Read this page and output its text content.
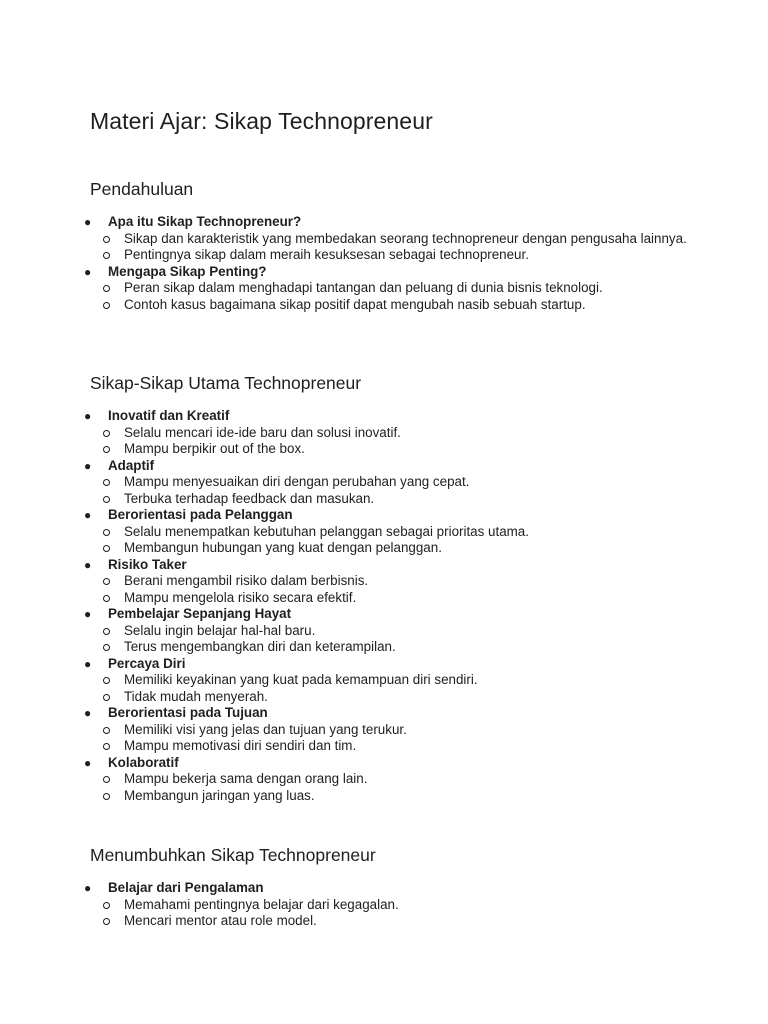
Materi Ajar: Sikap Technopreneur
Pendahuluan
● Apa itu Sikap Technopreneur?
Sikap dan karakteristik yang membedakan seorang technopreneur dengan pengusaha lainnya.
Pentingnya sikap dalam meraih kesuksesan sebagai technopreneur.
● Mengapa Sikap Penting?
Peran sikap dalam menghadapi tantangan dan peluang di dunia bisnis teknologi.
Contoh kasus bagaimana sikap positif dapat mengubah nasib sebuah startup.
Sikap-Sikap Utama Technopreneur
● Inovatif dan Kreatif
Selalu mencari ide-ide baru dan solusi inovatif.
Mampu berpikir out of the box.
● Adaptif
Mampu menyesuaikan diri dengan perubahan yang cepat.
Terbuka terhadap feedback dan masukan.
● Berorientasi pada Pelanggan
Selalu menempatkan kebutuhan pelanggan sebagai prioritas utama.
Membangun hubungan yang kuat dengan pelanggan.
● Risiko Taker
Berani mengambil risiko dalam berbisnis.
Mampu mengelola risiko secara efektif.
● Pembelajar Sepanjang Hayat
Selalu ingin belajar hal-hal baru.
Terus mengembangkan diri dan keterampilan.
● Percaya Diri
Memiliki keyakinan yang kuat pada kemampuan diri sendiri.
Tidak mudah menyerah.
● Berorientasi pada Tujuan
Memiliki visi yang jelas dan tujuan yang terukur.
Mampu memotivasi diri sendiri dan tim.
● Kolaboratif
Mampu bekerja sama dengan orang lain.
Membangun jaringan yang luas.
Menumbuhkan Sikap Technopreneur
● Belajar dari Pengalaman
Memahami pentingnya belajar dari kegagalan.
Mencari mentor atau role model.
